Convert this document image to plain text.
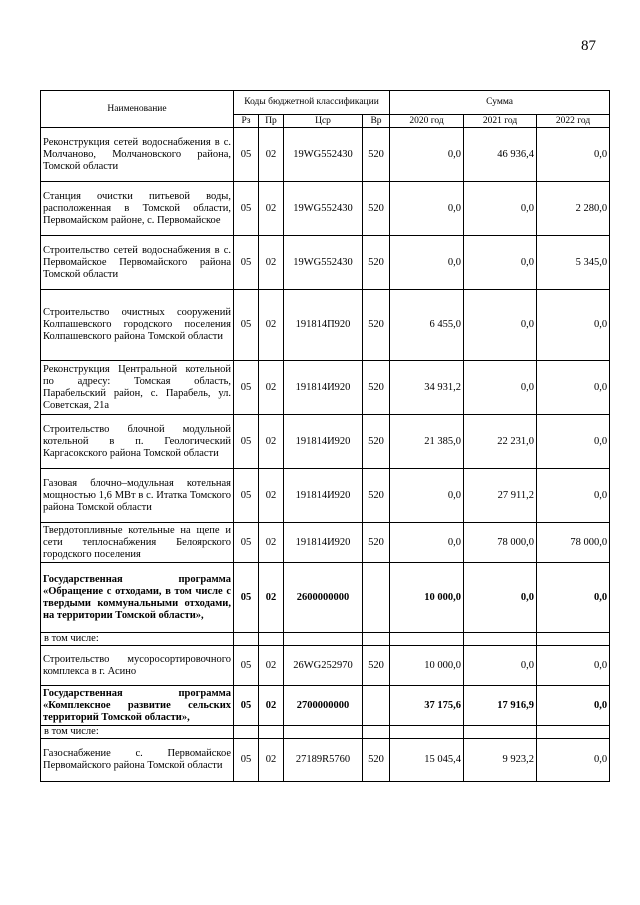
87
Наименование	Коды бюджетной классификации				Сумма		
	Рз	Пр	Цср	Вр	2020 год	2021 год	2022 год
Реконструкция сетей водоснабжения в с. Молчаново, Молчановского района, Томской области	05	02	19WG552430	520	0,0	46 936,4	0,0
Станция очистки питьевой воды, расположенная в Томской области, Первомайском районе, с. Первомайское	05	02	19WG552430	520	0,0	0,0	2 280,0
Строительство сетей водоснабжения в с. Первомайское Первомайского района Томской области	05	02	19WG552430	520	0,0	0,0	5 345,0
Строительство очистных сооружений Колпашевского городского поселения Колпашевского района Томской области	05	02	191814П920	520	6 455,0	0,0	0,0
Реконструкция Центральной котельной по адресу: Томская область, Парабельский район, с. Парабель, ул. Советская, 21а	05	02	191814И920	520	34 931,2	0,0	0,0
Строительство блочной модульной котельной в п. Геологический Каргасокского района Томской области	05	02	191814И920	520	21 385,0	22 231,0	0,0
Газовая блочно–модульная котельная мощностью 1,6 МВт в с. Итатка Томского района Томской области	05	02	191814И920	520	0,0	27 911,2	0,0
Твердотопливные котельные на щепе и сети теплоснабжения Белоярского городского поселения	05	02	191814И920	520	0,0	78 000,0	78 000,0
Государственная программа «Обращение с отходами, в том числе с твердыми коммунальными отходами, на территории Томской области»,	05	02	2600000000		10 000,0	0,0	0,0
в том числе:							
Строительство мусоросортировочного комплекса в г. Асино	05	02	26WG252970	520	10 000,0	0,0	0,0
Государственная программа «Комплексное развитие сельских территорий Томской области»,	05	02	2700000000		37 175,6	17 916,9	0,0
в том числе:							
Газоснабжение с. Первомайское Первомайского района Томской области	05	02	27189R5760	520	15 045,4	9 923,2	0,0
